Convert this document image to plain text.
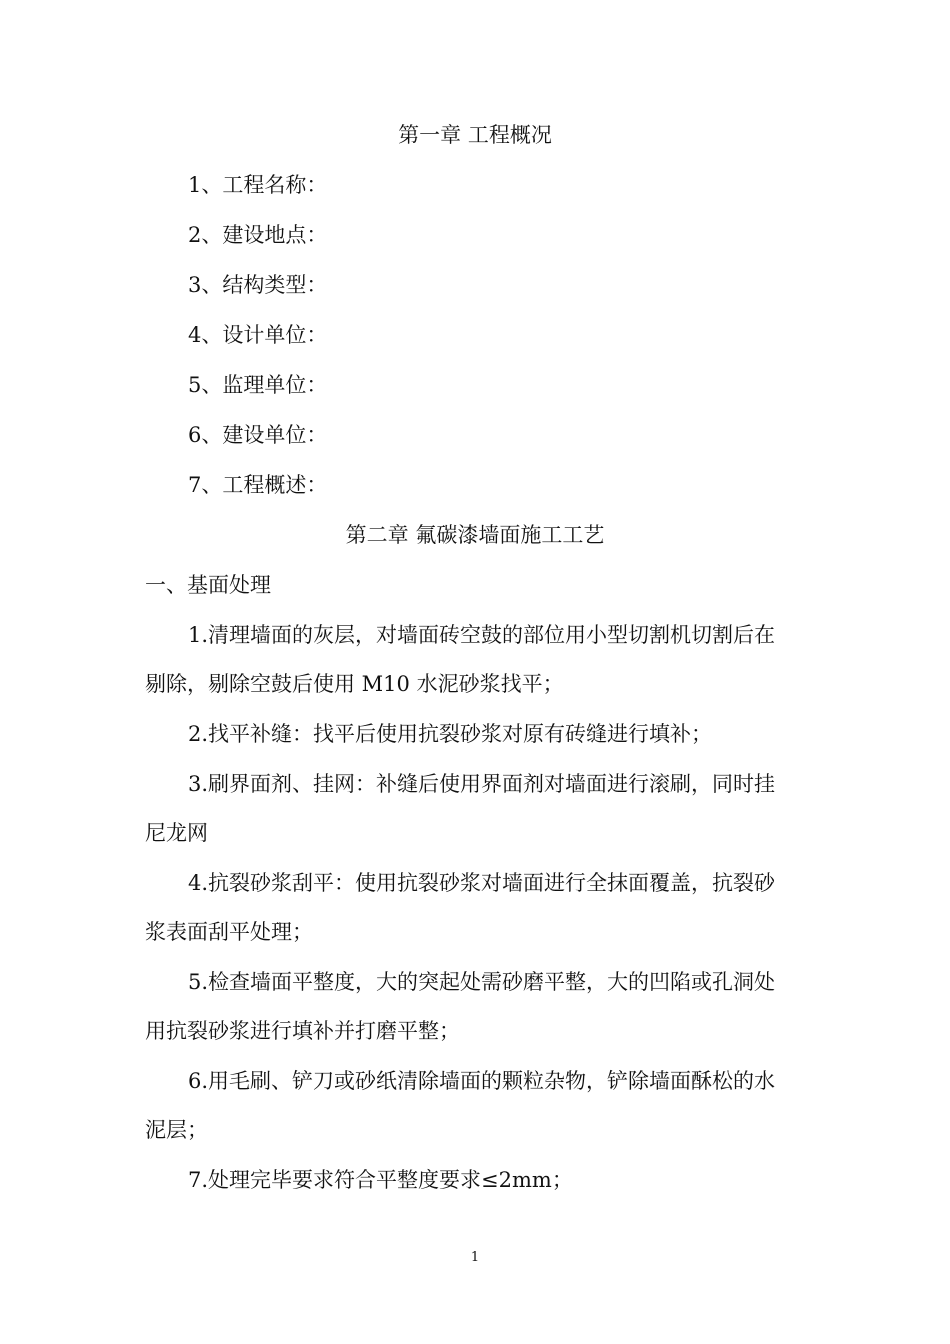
第一章 工程概况
1、工程名称：
2、建设地点：
3、结构类型：
4、设计单位：
5、监理单位：
6、建设单位：
7、工程概述：
第二章 氟碳漆墙面施工工艺
一、基面处理
1.清理墙面的灰层，对墙面砖空鼓的部位用小型切割机切割后在
剔除，剔除空鼓后使用 M10 水泥砂浆找平；
2.找平补缝：找平后使用抗裂砂浆对原有砖缝进行填补；
3.刷界面剂、挂网：补缝后使用界面剂对墙面进行滚刷，同时挂
尼龙网
4.抗裂砂浆刮平：使用抗裂砂浆对墙面进行全抹面覆盖，抗裂砂
浆表面刮平处理；
5.检查墙面平整度，大的突起处需砂磨平整，大的凹陷或孔洞处
用抗裂砂浆进行填补并打磨平整；
6.用毛刷、铲刀或砂纸清除墙面的颗粒杂物，铲除墙面酥松的水
泥层；
7.处理完毕要求符合平整度要求≤2mm；
1
